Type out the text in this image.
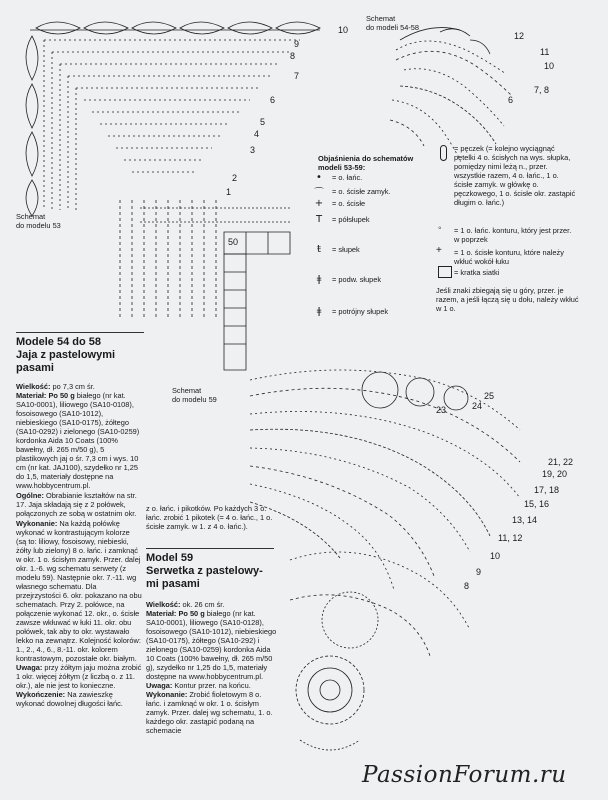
10
9
8
7
6
5
4
3
2
1
50
Schemat
do modelu 53
Schemat
do modeli 54-58
12
11
10
7, 8
6
Schemat
do modelu 59	25
24
23
21, 22
19, 20
17, 18
15, 16
13, 14
11, 12
10
9
8
Objaśnienia do schematów
modeli 53-59:
•	= o. łańc.
⌒ = o. ścisłe zamyk.
+	= o. ścisłe
T	= półsłupek
ŧ	= słupek
ǂ	= podw. słupek
ǂ	= potrójny słupek
= pęczek (= kolejno wyciągnąć pętelki 4 o. ścisłych na wys. słupka, pomiędzy nimi leżą n., przer. wszystkie razem, 4 o. łańc., 1 o. ścisłe zamyk. w główkę o. pęczkowego, 1 o. ścisłe okr. zastąpić długim o. łańc.)
◦ = 1 o. łańc. konturu, który jest przer. w poprzek
+ = 1 o. ścisłe konturu, które należy wkłuć wokół łuku
= kratka siatki
Jeśli znaki zbiegają się u góry, przer. je razem, a jeśli łączą się u dołu, należy wkłuć w 1 o.
Modele 54 do 58
Jaja z pastelowymi
pasami
Wielkość: po 7,3 cm śr.
Materiał: Po 50 g białego (nr kat. SA10-0001), liliowego (SA10-0108), fosoisowego (SA10-1012), niebieskiego (SA10-0175), żółtego (SA10-0292) i zielonego (SA10-0259) kordonka Aida 10 Coats (100% bawełny, dł. 265 m/50 g), 5 plastikowych jaj o śr. 7,3 cm i wys. 10 cm (nr kat. JAJ100), szydełko nr 1,25 do 1,5, materiały dostępne na www.hobbycentrum.pl.
Ogólne: Obrabianie kształtów na str. 17. Jaja składają się z 2 połówek, połączonych ze sobą w ostatnim okr.
Wykonanie: Na każdą połówkę wykonać w kontrastującym kolorze (są to: liliowy, fosoisowy, niebieski, żółty lub zielony) 8 o. łańc. i zamknąć w okr. 1 o. ścisłym zamyk. Przer. dalej okr. 1.-6. wg schematu serwety (z modelu 59). Następnie okr. 7.-11. wg własnego schematu. Dla przejrzystości 6. okr. pokazano na obu schematach. Przy 2. połówce, na połączenie wykonać 12. okr., o. ścisłe zawsze wkłuwać w łuki 11. okr. obu połówek, tak aby to okr. wystawało lekko na zewnątrz. Kolejność kolorów: 1., 2., 4., 6., 8.-11. okr. kolorem kontrastowym, pozostałe okr. białym.
Uwaga: przy żółtym jaju można zrobić 1 okr. więcej żółtym (z liczbą o. z 11. okr.), ale nie jest to konieczne.
Wykończenie: Na zawieszkę wykonać dowolnej długości łańc.
z o. łańc. i pikotków. Po każdych 3 o. łańc. zrobić 1 pikotek (= 4 o. łańc., 1 o. ścisłe zamyk. w 1. z 4 o. łańc.).
Model 59
Serwetka z pastelowy-
mi pasami
Wielkość: ok. 26 cm śr.
Materiał: Po 50 g białego (nr kat. SA10-0001), liliowego (SA10-0128), fosoisowego (SA10-1012), niebieskiego (SA10-0175), żółtego (SA10-292) i zielonego (SA10-0259) kordonka Aida 10 Coats (100% bawełny, dł. 265 m/50 g), szydełko nr 1,25 do 1,5, materiały dostępne na www.hobbycentrum.pl.
Uwaga: Kontur przer. na końcu.
Wykonanie: Zrobić fioletowym 8 o. łańc. i zamknąć w okr. 1 o. ścisłym zamyk. Przer. dalej wg schematu, 1. o. każdego okr. zastąpić podaną na schemacie
PassionForum.ru
